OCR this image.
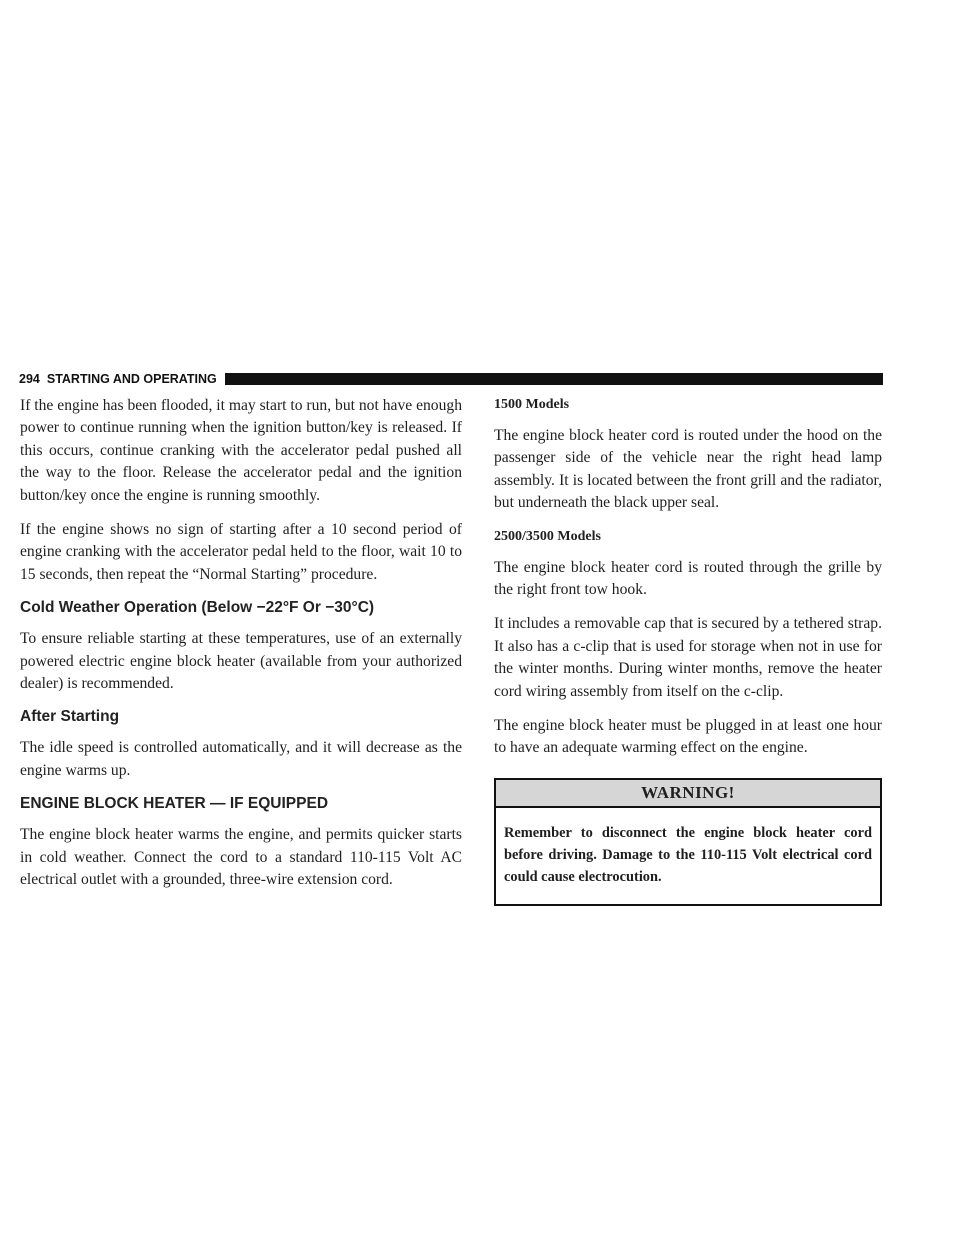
294 STARTING AND OPERATING

If the engine has been flooded, it may start to run, but not have enough power to continue running when the ignition button/key is released. If this occurs, continue cranking with the accelerator pedal pushed all the way to the floor. Release the accelerator pedal and the ignition button/key once the engine is running smoothly.

If the engine shows no sign of starting after a 10 second period of engine cranking with the accelerator pedal held to the floor, wait 10 to 15 seconds, then repeat the “Normal Starting” procedure.

Cold Weather Operation (Below −22°F Or −30°C)

To ensure reliable starting at these temperatures, use of an externally powered electric engine block heater (available from your authorized dealer) is recommended.

After Starting

The idle speed is controlled automatically, and it will decrease as the engine warms up.

ENGINE BLOCK HEATER — IF EQUIPPED

The engine block heater warms the engine, and permits quicker starts in cold weather. Connect the cord to a standard 110-115 Volt AC electrical outlet with a grounded, three-wire extension cord.

1500 Models

The engine block heater cord is routed under the hood on the passenger side of the vehicle near the right head lamp assembly. It is located between the front grill and the radiator, but underneath the black upper seal.

2500/3500 Models

The engine block heater cord is routed through the grille by the right front tow hook.

It includes a removable cap that is secured by a tethered strap. It also has a c-clip that is used for storage when not in use for the winter months. During winter months, remove the heater cord wiring assembly from itself on the c-clip.

The engine block heater must be plugged in at least one hour to have an adequate warming effect on the engine.

WARNING!
Remember to disconnect the engine block heater cord before driving. Damage to the 110-115 Volt electrical cord could cause electrocution.
